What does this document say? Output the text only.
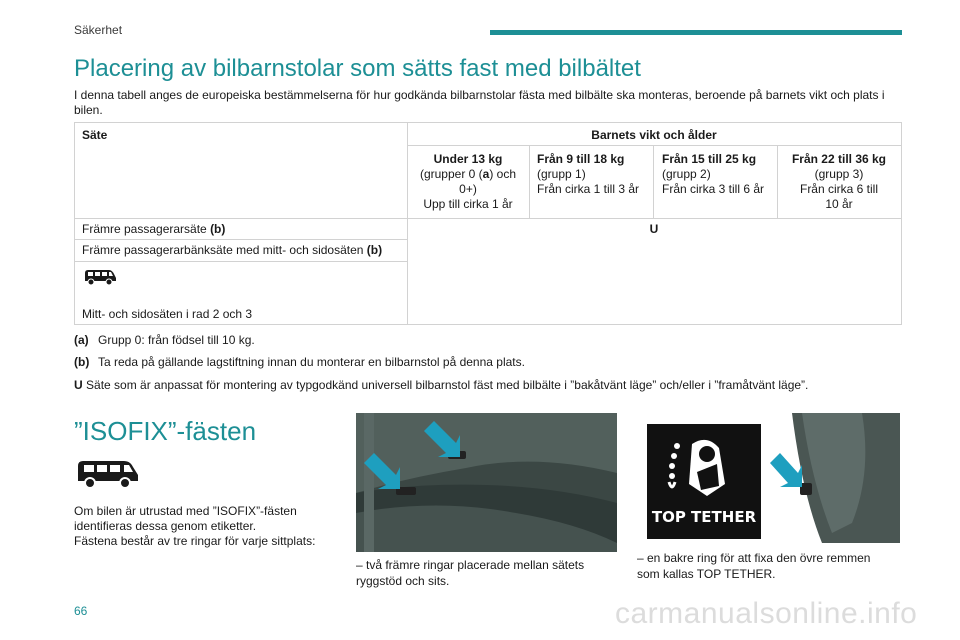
Säkerhet
Placering av bilbarnstolar som sätts fast med bilbältet
I denna tabell anges de europeiska bestämmelserna för hur godkända bilbarnstolar fästa med bilbälte ska monteras, beroende på barnets vikt och plats i bilen.
Säte	Barnets vikt och ålder
Under 13 kg
(grupper 0 (a) och
0+)
Upp till cirka 1 år
Från 9 till 18 kg
(grupp 1)
Från cirka 1 till 3 år
Från 15 till 25 kg
(grupp 2)
Från cirka 3 till 6 år
Från 22 till 36 kg
(grupp 3)
Från cirka 6 till
10 år
Främre passagerarsäte (b)
Främre passagerarbänksäte med mitt- och sidosäten (b)
Mitt- och sidosäten i rad 2 och 3
U
(a) Grupp 0: från födsel till 10 kg.
(b) Ta reda på gällande lagstiftning innan du monterar en bilbarnstol på denna plats.
U Säte som är anpassat för montering av typgodkänd universell bilbarnstol fäst med bilbälte i ”bakåtvänt läge” och/eller i ”framåtvänt läge”.
”ISOFIX”-fästen
Om bilen är utrustad med ”ISOFIX”-fästen
identifieras dessa genom etiketter.
Fästena består av tre ringar för varje sittplats:
TOP TETHER
– två främre ringar placerade mellan sätets
ryggstöd och sits.
– en bakre ring för att fixa den övre remmen
som kallas TOP TETHER.
66	carmanualsonline.info
